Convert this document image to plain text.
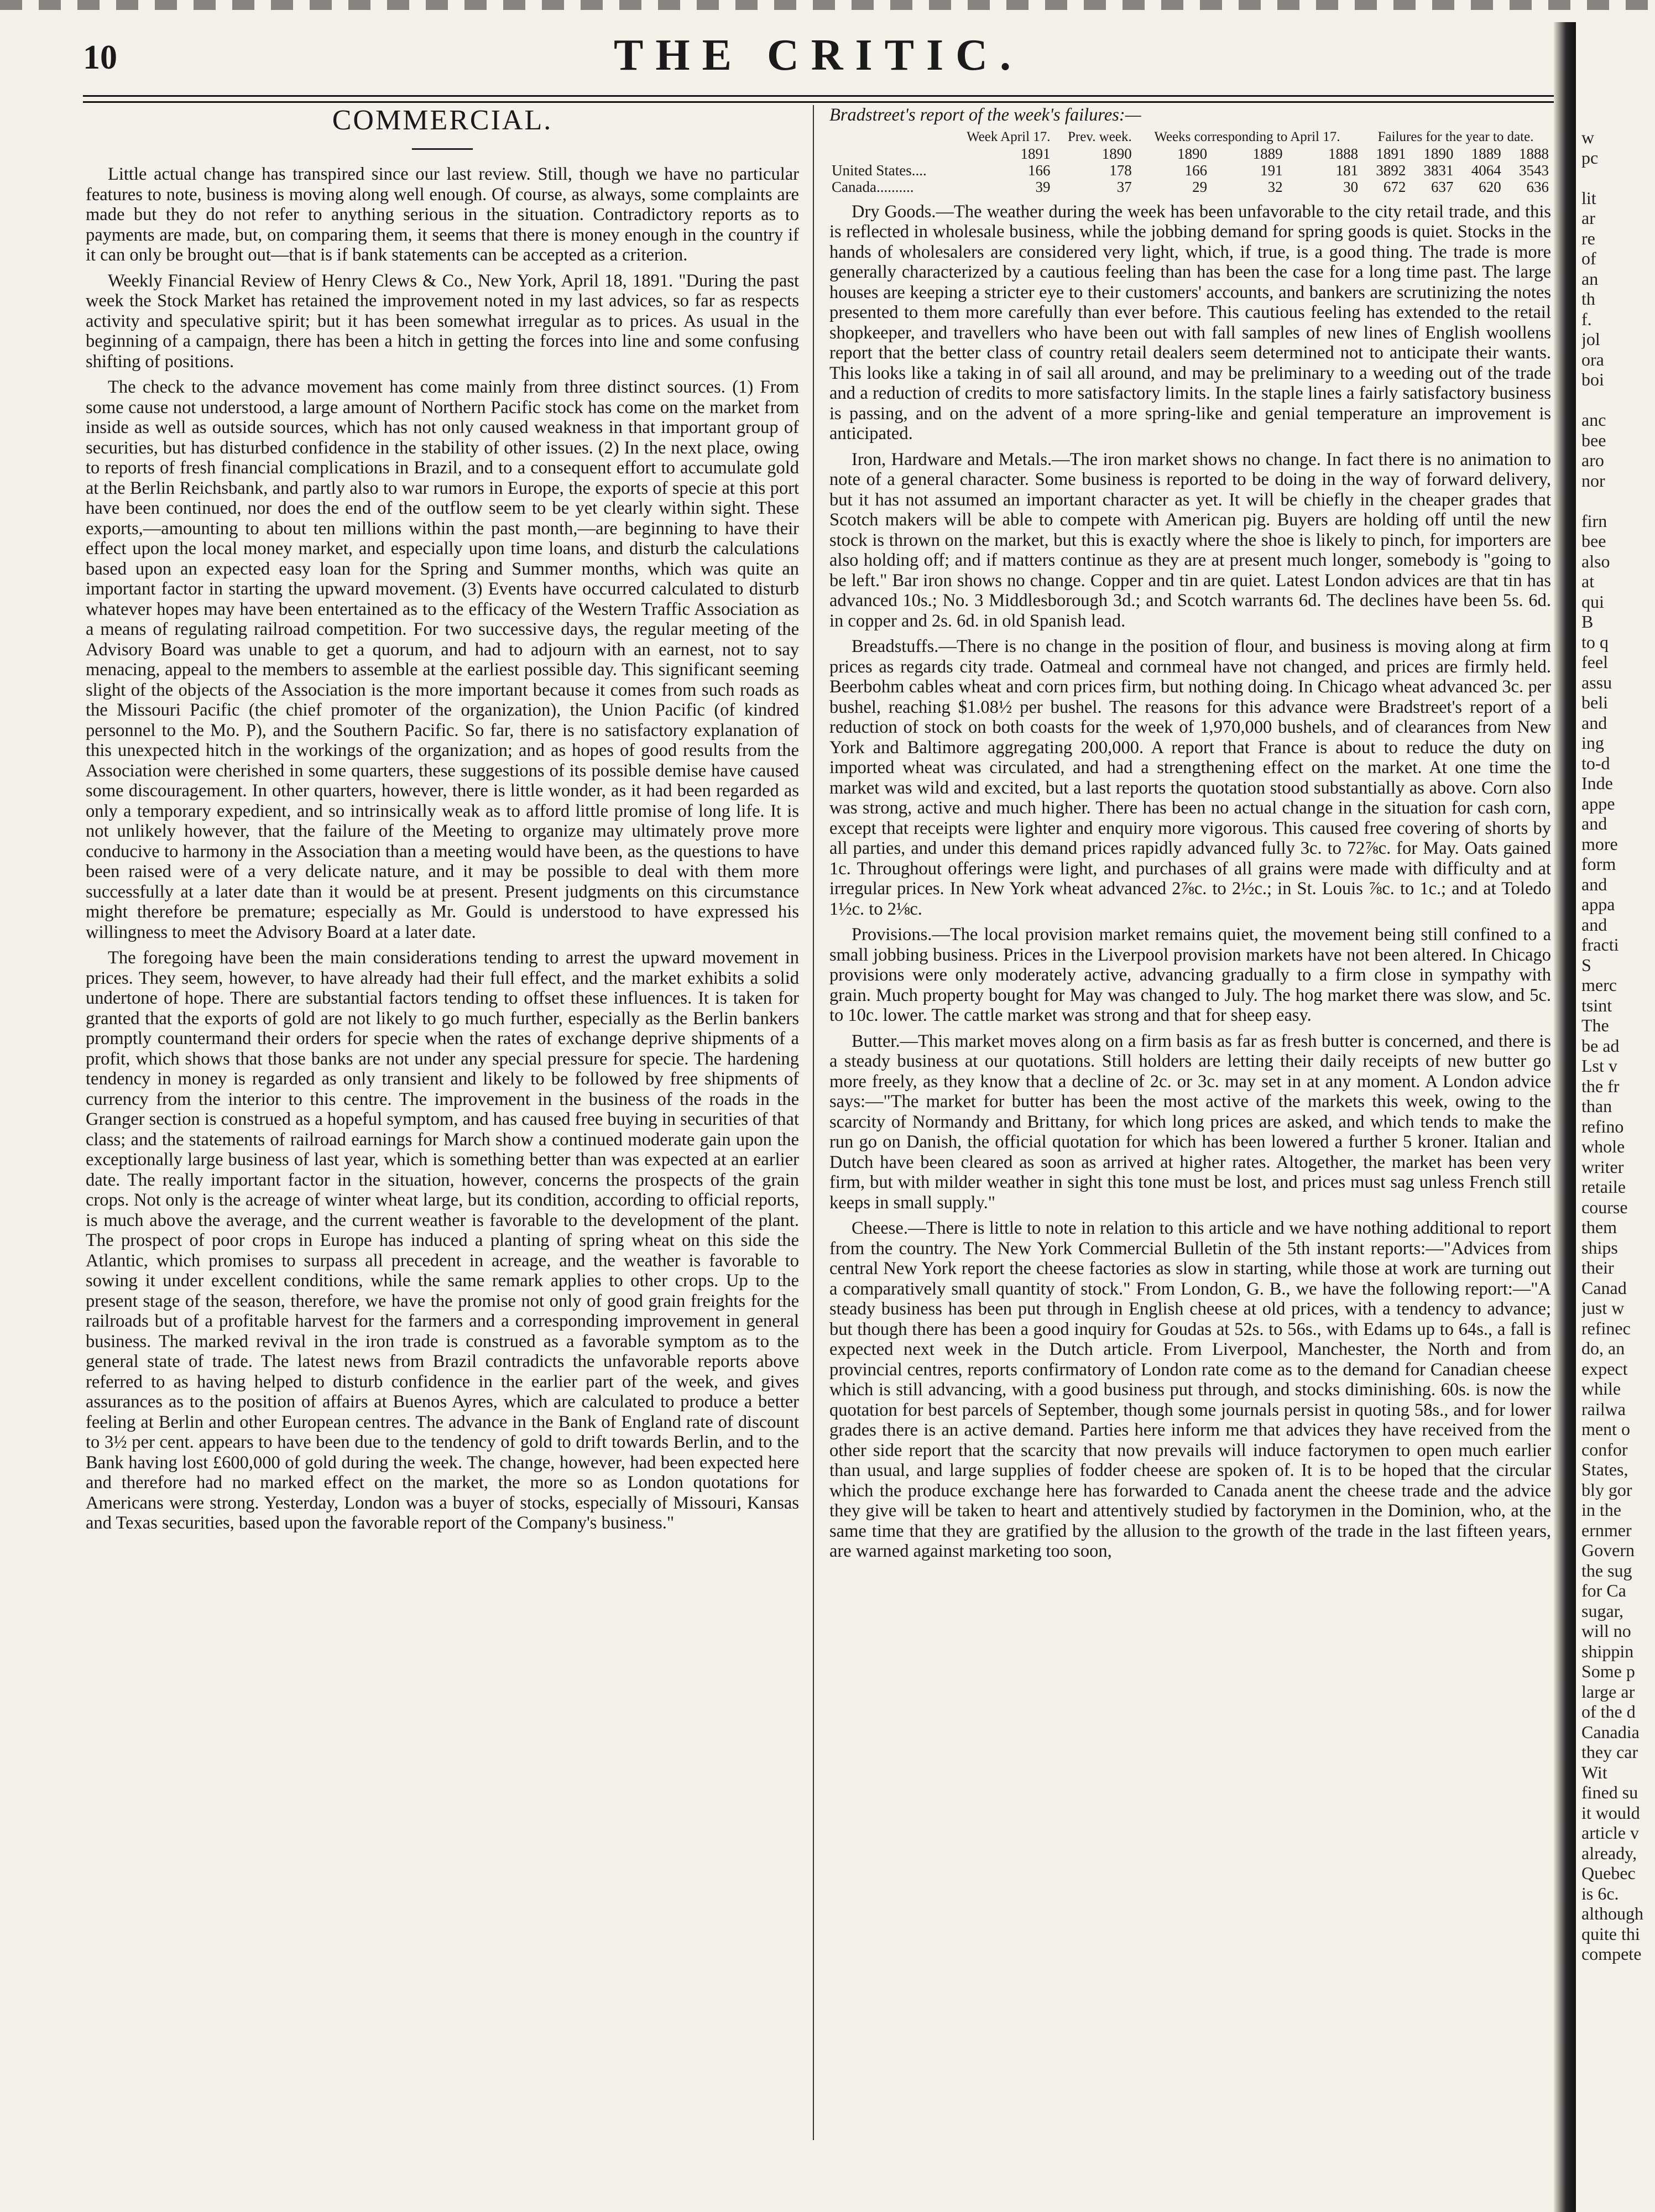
10	THE CRITIC.
COMMERCIAL.

Little actual change has transpired since our last review. Still, though we have no particular features to note, business is moving along well enough. Of course, as always, some complaints are made but they do not refer to anything serious in the situation. Contradictory reports as to payments are made, but, on comparing them, it seems that there is money enough in the country if it can only be brought out—that is if bank statements can be accepted as a criterion.

Weekly Financial Review of Henry Clews & Co., New York, April 18, 1891. "During the past week the Stock Market has retained the improvement noted in my last advices, so far as respects activity and speculative spirit; but it has been somewhat irregular as to prices. As usual in the beginning of a campaign, there has been a hitch in getting the forces into line and some confusing shifting of positions.

The check to the advance movement has come mainly from three distinct sources. (1) From some cause not understood, a large amount of Northern Pacific stock has come on the market from inside as well as outside sources, which has not only caused weakness in that important group of securities, but has disturbed confidence in the stability of other issues. (2) In the next place, owing to reports of fresh financial complications in Brazil, and to a consequent effort to accumulate gold at the Berlin Reichsbank, and partly also to war rumors in Europe, the exports of specie at this port have been continued, nor does the end of the outflow seem to be yet clearly within sight. These exports,—amounting to about ten millions within the past month,—are beginning to have their effect upon the local money market, and especially upon time loans, and disturb the calculations based upon an expected easy loan for the Spring and Summer months, which was quite an important factor in starting the upward movement. (3) Events have occurred calculated to disturb whatever hopes may have been entertained as to the efficacy of the Western Traffic Association as a means of regulating railroad competition. For two successive days, the regular meeting of the Advisory Board was unable to get a quorum, and had to adjourn with an earnest, not to say menacing, appeal to the members to assemble at the earliest possible day. This significant seeming slight of the objects of the Association is the more important because it comes from such roads as the Missouri Pacific (the chief promoter of the organization), the Union Pacific (of kindred personnel to the Mo. P), and the Southern Pacific. So far, there is no satisfactory explanation of this unexpected hitch in the workings of the organization; and as hopes of good results from the Association were cherished in some quarters, these suggestions of its possible demise have caused some discouragement. In other quarters, however, there is little wonder, as it had been regarded as only a temporary expedient, and so intrinsically weak as to afford little promise of long life. It is not unlikely however, that the failure of the Meeting to organize may ultimately prove more conducive to harmony in the Association than a meeting would have been, as the questions to have been raised were of a very delicate nature, and it may be possible to deal with them more successfully at a later date than it would be at present. Present judgments on this circumstance might therefore be premature; especially as Mr. Gould is understood to have expressed his willingness to meet the Advisory Board at a later date.

The foregoing have been the main considerations tending to arrest the upward movement in prices. They seem, however, to have already had their full effect, and the market exhibits a solid undertone of hope. There are substantial factors tending to offset these influences. It is taken for granted that the exports of gold are not likely to go much further, especially as the Berlin bankers promptly countermand their orders for specie when the rates of exchange deprive shipments of a profit, which shows that those banks are not under any special pressure for specie. The hardening tendency in money is regarded as only transient and likely to be followed by free shipments of currency from the interior to this centre. The improvement in the business of the roads in the Granger section is construed as a hopeful symptom, and has caused free buying in securities of that class; and the statements of railroad earnings for March show a continued moderate gain upon the exceptionally large business of last year, which is something better than was expected at an earlier date. The really important factor in the situation, however, concerns the prospects of the grain crops. Not only is the acreage of winter wheat large, but its condition, according to official reports, is much above the average, and the current weather is favorable to the development of the plant. The prospect of poor crops in Europe has induced a planting of spring wheat on this side the Atlantic, which promises to surpass all precedent in acreage, and the weather is favorable to sowing it under excellent conditions, while the same remark applies to other crops. Up to the present stage of the season, therefore, we have the promise not only of good grain freights for the railroads but of a profitable harvest for the farmers and a corresponding improvement in general business. The marked revival in the iron trade is construed as a favorable symptom as to the general state of trade. The latest news from Brazil contradicts the unfavorable reports above referred to as having helped to disturb confidence in the earlier part of the week, and gives assurances as to the position of affairs at Buenos Ayres, which are calculated to produce a better feeling at Berlin and other European centres. The advance in the Bank of England rate of discount to 3½ per cent. appears to have been due to the tendency of gold to drift towards Berlin, and to the Bank having lost £600,000 of gold during the week. The change, however, had been expected here and therefore had no marked effect on the market, the more so as London quotations for Americans were strong. Yesterday, London was a buyer of stocks, especially of Missouri, Kansas and Texas securities, based upon the favorable report of the Company's business."

Bradstreet's report of the week's failures:—

	Week April 17.	Prev. week.	Weeks corresponding to April 17.			Failures for the year to date.			
	1891	1890	1890	1889	1888	1891	1890	1889	1888
United States....	166	178	166	191	181	3892	3831	4064	3543
Canada..........	39	37	29	32	30	672	637	620	636

Dry Goods.—The weather during the week has been unfavorable to the city retail trade, and this is reflected in wholesale business, while the jobbing demand for spring goods is quiet. Stocks in the hands of wholesalers are considered very light, which, if true, is a good thing. The trade is more generally characterized by a cautious feeling than has been the case for a long time past. The large houses are keeping a stricter eye to their customers' accounts, and bankers are scrutinizing the notes presented to them more carefully than ever before. This cautious feeling has extended to the retail shopkeeper, and travellers who have been out with fall samples of new lines of English woollens report that the better class of country retail dealers seem determined not to anticipate their wants. This looks like a taking in of sail all around, and may be preliminary to a weeding out of the trade and a reduction of credits to more satisfactory limits. In the staple lines a fairly satisfactory business is passing, and on the advent of a more spring-like and genial temperature an improvement is anticipated.

Iron, Hardware and Metals.—The iron market shows no change. In fact there is no animation to note of a general character. Some business is reported to be doing in the way of forward delivery, but it has not assumed an important character as yet. It will be chiefly in the cheaper grades that Scotch makers will be able to compete with American pig. Buyers are holding off until the new stock is thrown on the market, but this is exactly where the shoe is likely to pinch, for importers are also holding off; and if matters continue as they are at present much longer, somebody is "going to be left." Bar iron shows no change. Copper and tin are quiet. Latest London advices are that tin has advanced 10s.; No. 3 Middlesborough 3d.; and Scotch warrants 6d. The declines have been 5s. 6d. in copper and 2s. 6d. in old Spanish lead.

Breadstuffs.—There is no change in the position of flour, and business is moving along at firm prices as regards city trade. Oatmeal and cornmeal have not changed, and prices are firmly held. Beerbohm cables wheat and corn prices firm, but nothing doing. In Chicago wheat advanced 3c. per bushel, reaching $1.08½ per bushel. The reasons for this advance were Bradstreet's report of a reduction of stock on both coasts for the week of 1,970,000 bushels, and of clearances from New York and Baltimore aggregating 200,000. A report that France is about to reduce the duty on imported wheat was circulated, and had a strengthening effect on the market. At one time the market was wild and excited, but a last reports the quotation stood substantially as above. Corn also was strong, active and much higher. There has been no actual change in the situation for cash corn, except that receipts were lighter and enquiry more vigorous. This caused free covering of shorts by all parties, and under this demand prices rapidly advanced fully 3c. to 72⅞c. for May. Oats gained 1c. Throughout offerings were light, and purchases of all grains were made with difficulty and at irregular prices. In New York wheat advanced 2⅞c. to 2½c.; in St. Louis ⅞c. to 1c.; and at Toledo 1½c. to 2⅛c.

Provisions.—The local provision market remains quiet, the movement being still confined to a small jobbing business. Prices in the Liverpool provision markets have not been altered. In Chicago provisions were only moderately active, advancing gradually to a firm close in sympathy with grain. Much property bought for May was changed to July. The hog market there was slow, and 5c. to 10c. lower. The cattle market was strong and that for sheep easy.

Butter.—This market moves along on a firm basis as far as fresh butter is concerned, and there is a steady business at our quotations. Still holders are letting their daily receipts of new butter go more freely, as they know that a decline of 2c. or 3c. may set in at any moment. A London advice says:—"The market for butter has been the most active of the markets this week, owing to the scarcity of Normandy and Brittany, for which long prices are asked, and which tends to make the run go on Danish, the official quotation for which has been lowered a further 5 kroner. Italian and Dutch have been cleared as soon as arrived at higher rates. Altogether, the market has been very firm, but with milder weather in sight this tone must be lost, and prices must sag unless French still keeps in small supply."

Cheese.—There is little to note in relation to this article and we have nothing additional to report from the country. The New York Commercial Bulletin of the 5th instant reports:—"Advices from central New York report the cheese factories as slow in starting, while those at work are turning out a comparatively small quantity of stock." From London, G. B., we have the following report:—"A steady business has been put through in English cheese at old prices, with a tendency to advance; but though there has been a good inquiry for Goudas at 52s. to 56s., with Edams up to 64s., a fall is expected next week in the Dutch article. From Liverpool, Manchester, the North and from provincial centres, reports confirmatory of London rate come as to the demand for Canadian cheese which is still advancing, with a good business put through, and stocks diminishing. 60s. is now the quotation for best parcels of September, though some journals persist in quoting 58s., and for lower grades there is an active demand. Parties here inform me that advices they have received from the other side report that the scarcity that now prevails will induce factorymen to open much earlier than usual, and large supplies of fodder cheese are spoken of. It is to be hoped that the circular which the produce exchange here has forwarded to Canada anent the cheese trade and the advice they give will be taken to heart and attentively studied by factorymen in the Dominion, who, at the same time that they are gratified by the allusion to the growth of the trade in the last fifteen years, are warned against marketing too soon,

w
pc

lit
ar
re
of
an
th
f.
jol
ora
boi

anc
bee
aro
nor

firn
bee
also
at
qui
B
to q
feel
assu
beli
and
ing
to-d
Inde
appe
and
more
form
and
appa
and
fracti
S
merc
tsint
The
be ad
Lst v
the fr
than
refino
whole
writer
retaile
course
them
ships
their
Canad
just w
refinec
do, an
expect
while
railwa
ment o
confor
States,
bly gor
in the
ernmer
Govern
the sug
for Ca
sugar,
will no
shippin
Some p
large ar
of the d
Canadia
they car
Wit
fined su
it would
article v
already,
Quebec
is 6c.
although
quite thi
compete
